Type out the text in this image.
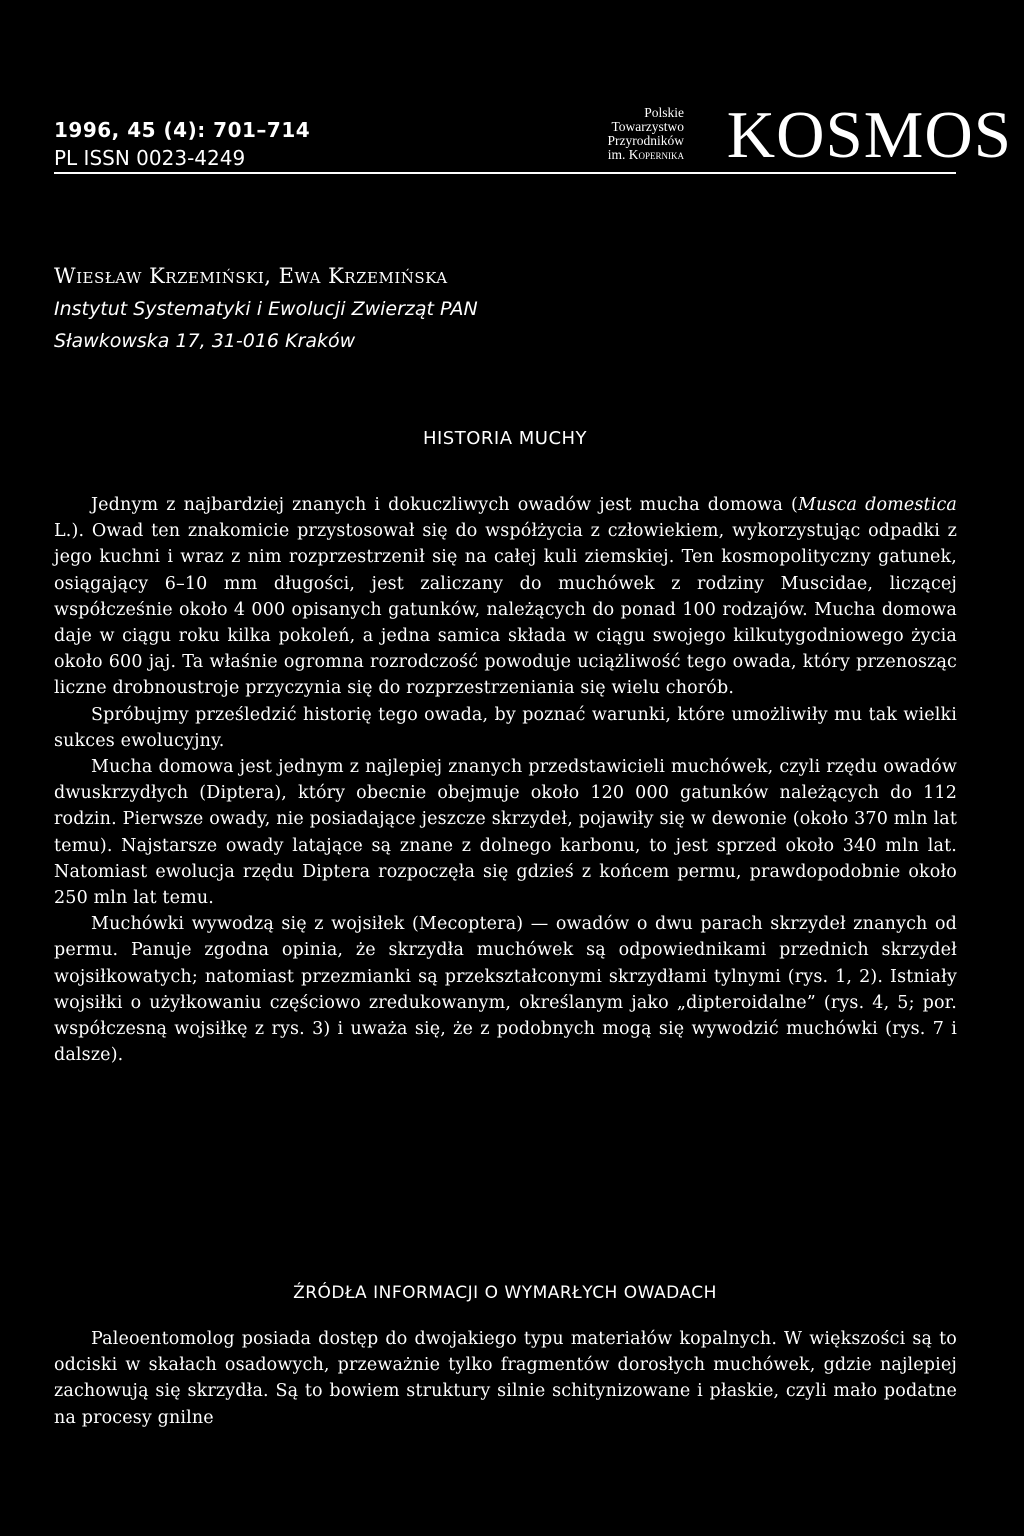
1996, 45 (4): 701–714
PL ISSN 0023-4249
Polskie
Towarzystwo
Przyrodników
im. Kopernika KOSMOS
Wiesław Krzemiński, Ewa Krzemińska
Instytut Systematyki i Ewolucji Zwierząt PAN
Sławkowska 17, 31-016 Kraków
HISTORIA MUCHY

Jednym z najbardziej znanych i dokuczliwych owadów jest mucha domowa (Musca domestica L.). Owad ten znakomicie przystosował się do współżycia z człowiekiem, wykorzystując odpadki z jego kuchni i wraz z nim rozprzestrzenił się na całej kuli ziemskiej. Ten kosmopolityczny gatunek, osiągający 6–10 mm długości, jest zaliczany do muchówek z rodziny Muscidae, liczącej współcześnie około 4 000 opisanych gatunków, należących do ponad 100 rodzajów. Mucha domowa daje w ciągu roku kilka pokoleń, a jedna samica składa w ciągu swojego kilkutygodniowego życia około 600 jaj. Ta właśnie ogromna rozrodczość powoduje uciążliwość tego owada, który przenosząc liczne drobnoustroje przyczynia się do rozprzestrzeniania się wielu chorób.

Spróbujmy prześledzić historię tego owada, by poznać warunki, które umożliwiły mu tak wielki sukces ewolucyjny.

Mucha domowa jest jednym z najlepiej znanych przedstawicieli muchówek, czyli rzędu owadów dwuskrzydłych (Diptera), który obecnie obejmuje około 120 000 gatunków należących do 112 rodzin. Pierwsze owady, nie posiadające jeszcze skrzydeł, pojawiły się w dewonie (około 370 mln lat temu). Najstarsze owady latające są znane z dolnego karbonu, to jest sprzed około 340 mln lat. Natomiast ewolucja rzędu Diptera rozpoczęła się gdzieś z końcem permu, prawdopodobnie około 250 mln lat temu.

Muchówki wywodzą się z wojsiłek (Mecoptera) — owadów o dwu parach skrzydeł znanych od permu. Panuje zgodna opinia, że skrzydła muchówek są odpowiednikami przednich skrzydeł wojsiłkowatych; natomiast przezmianki są przekształconymi skrzydłami tylnymi (rys. 1, 2). Istniały wojsiłki o użyłkowaniu częściowo zredukowanym, określanym jako „dipteroidalne” (rys. 4, 5; por. współczesną wojsiłkę z rys. 3) i uważa się, że z podobnych mogą się wywodzić muchówki (rys. 7 i dalsze).

ŹRÓDŁA INFORMACJI O WYMARŁYCH OWADACH

Paleoentomolog posiada dostęp do dwojakiego typu materiałów kopalnych. W większości są to odciski w skałach osadowych, przeważnie tylko fragmentów dorosłych muchówek, gdzie najlepiej zachowują się skrzydła. Są to bowiem struktury silnie schitynizowane i płaskie, czyli mało podatne na procesy gnilne
